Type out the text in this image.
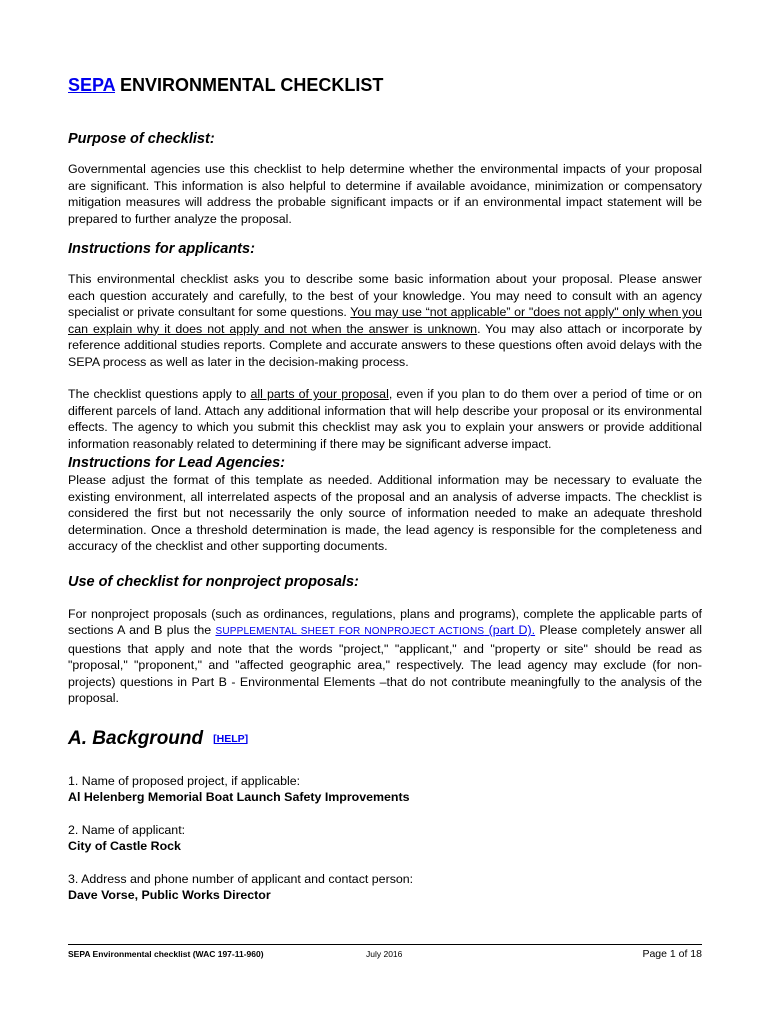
SEPA ENVIRONMENTAL CHECKLIST
Purpose of checklist:

Governmental agencies use this checklist to help determine whether the environmental impacts of your proposal are significant. This information is also helpful to determine if available avoidance, minimization or compensatory mitigation measures will address the probable significant impacts or if an environmental impact statement will be prepared to further analyze the proposal.

Instructions for applicants:

This environmental checklist asks you to describe some basic information about your proposal. Please answer each question accurately and carefully, to the best of your knowledge. You may need to consult with an agency specialist or private consultant for some questions. You may use “not applicable” or "does not apply" only when you can explain why it does not apply and not when the answer is unknown. You may also attach or incorporate by reference additional studies reports. Complete and accurate answers to these questions often avoid delays with the SEPA process as well as later in the decision-making process.

The checklist questions apply to all parts of your proposal, even if you plan to do them over a period of time or on different parcels of land. Attach any additional information that will help describe your proposal or its environmental effects. The agency to which you submit this checklist may ask you to explain your answers or provide additional information reasonably related to determining if there may be significant adverse impact.

Instructions for Lead Agencies:

Please adjust the format of this template as needed. Additional information may be necessary to evaluate the existing environment, all interrelated aspects of the proposal and an analysis of adverse impacts. The checklist is considered the first but not necessarily the only source of information needed to make an adequate threshold determination. Once a threshold determination is made, the lead agency is responsible for the completeness and accuracy of the checklist and other supporting documents.

Use of checklist for nonproject proposals:

For nonproject proposals (such as ordinances, regulations, plans and programs), complete the applicable parts of sections A and B plus the SUPPLEMENTAL SHEET FOR NONPROJECT ACTIONS (part D). Please completely answer all questions that apply and note that the words "project," "applicant," and "property or site" should be read as "proposal," "proponent," and "affected geographic area," respectively. The lead agency may exclude (for non-projects) questions in Part B - Environmental Elements –that do not contribute meaningfully to the analysis of the proposal.

A. Background [HELP]

1. Name of proposed project, if applicable:

Al Helenberg Memorial Boat Launch Safety Improvements

2. Name of applicant:

City of Castle Rock

3. Address and phone number of applicant and contact person:

Dave Vorse, Public Works Director

SEPA Environmental checklist (WAC 197-11-960)	July 2016	Page 1 of 18
